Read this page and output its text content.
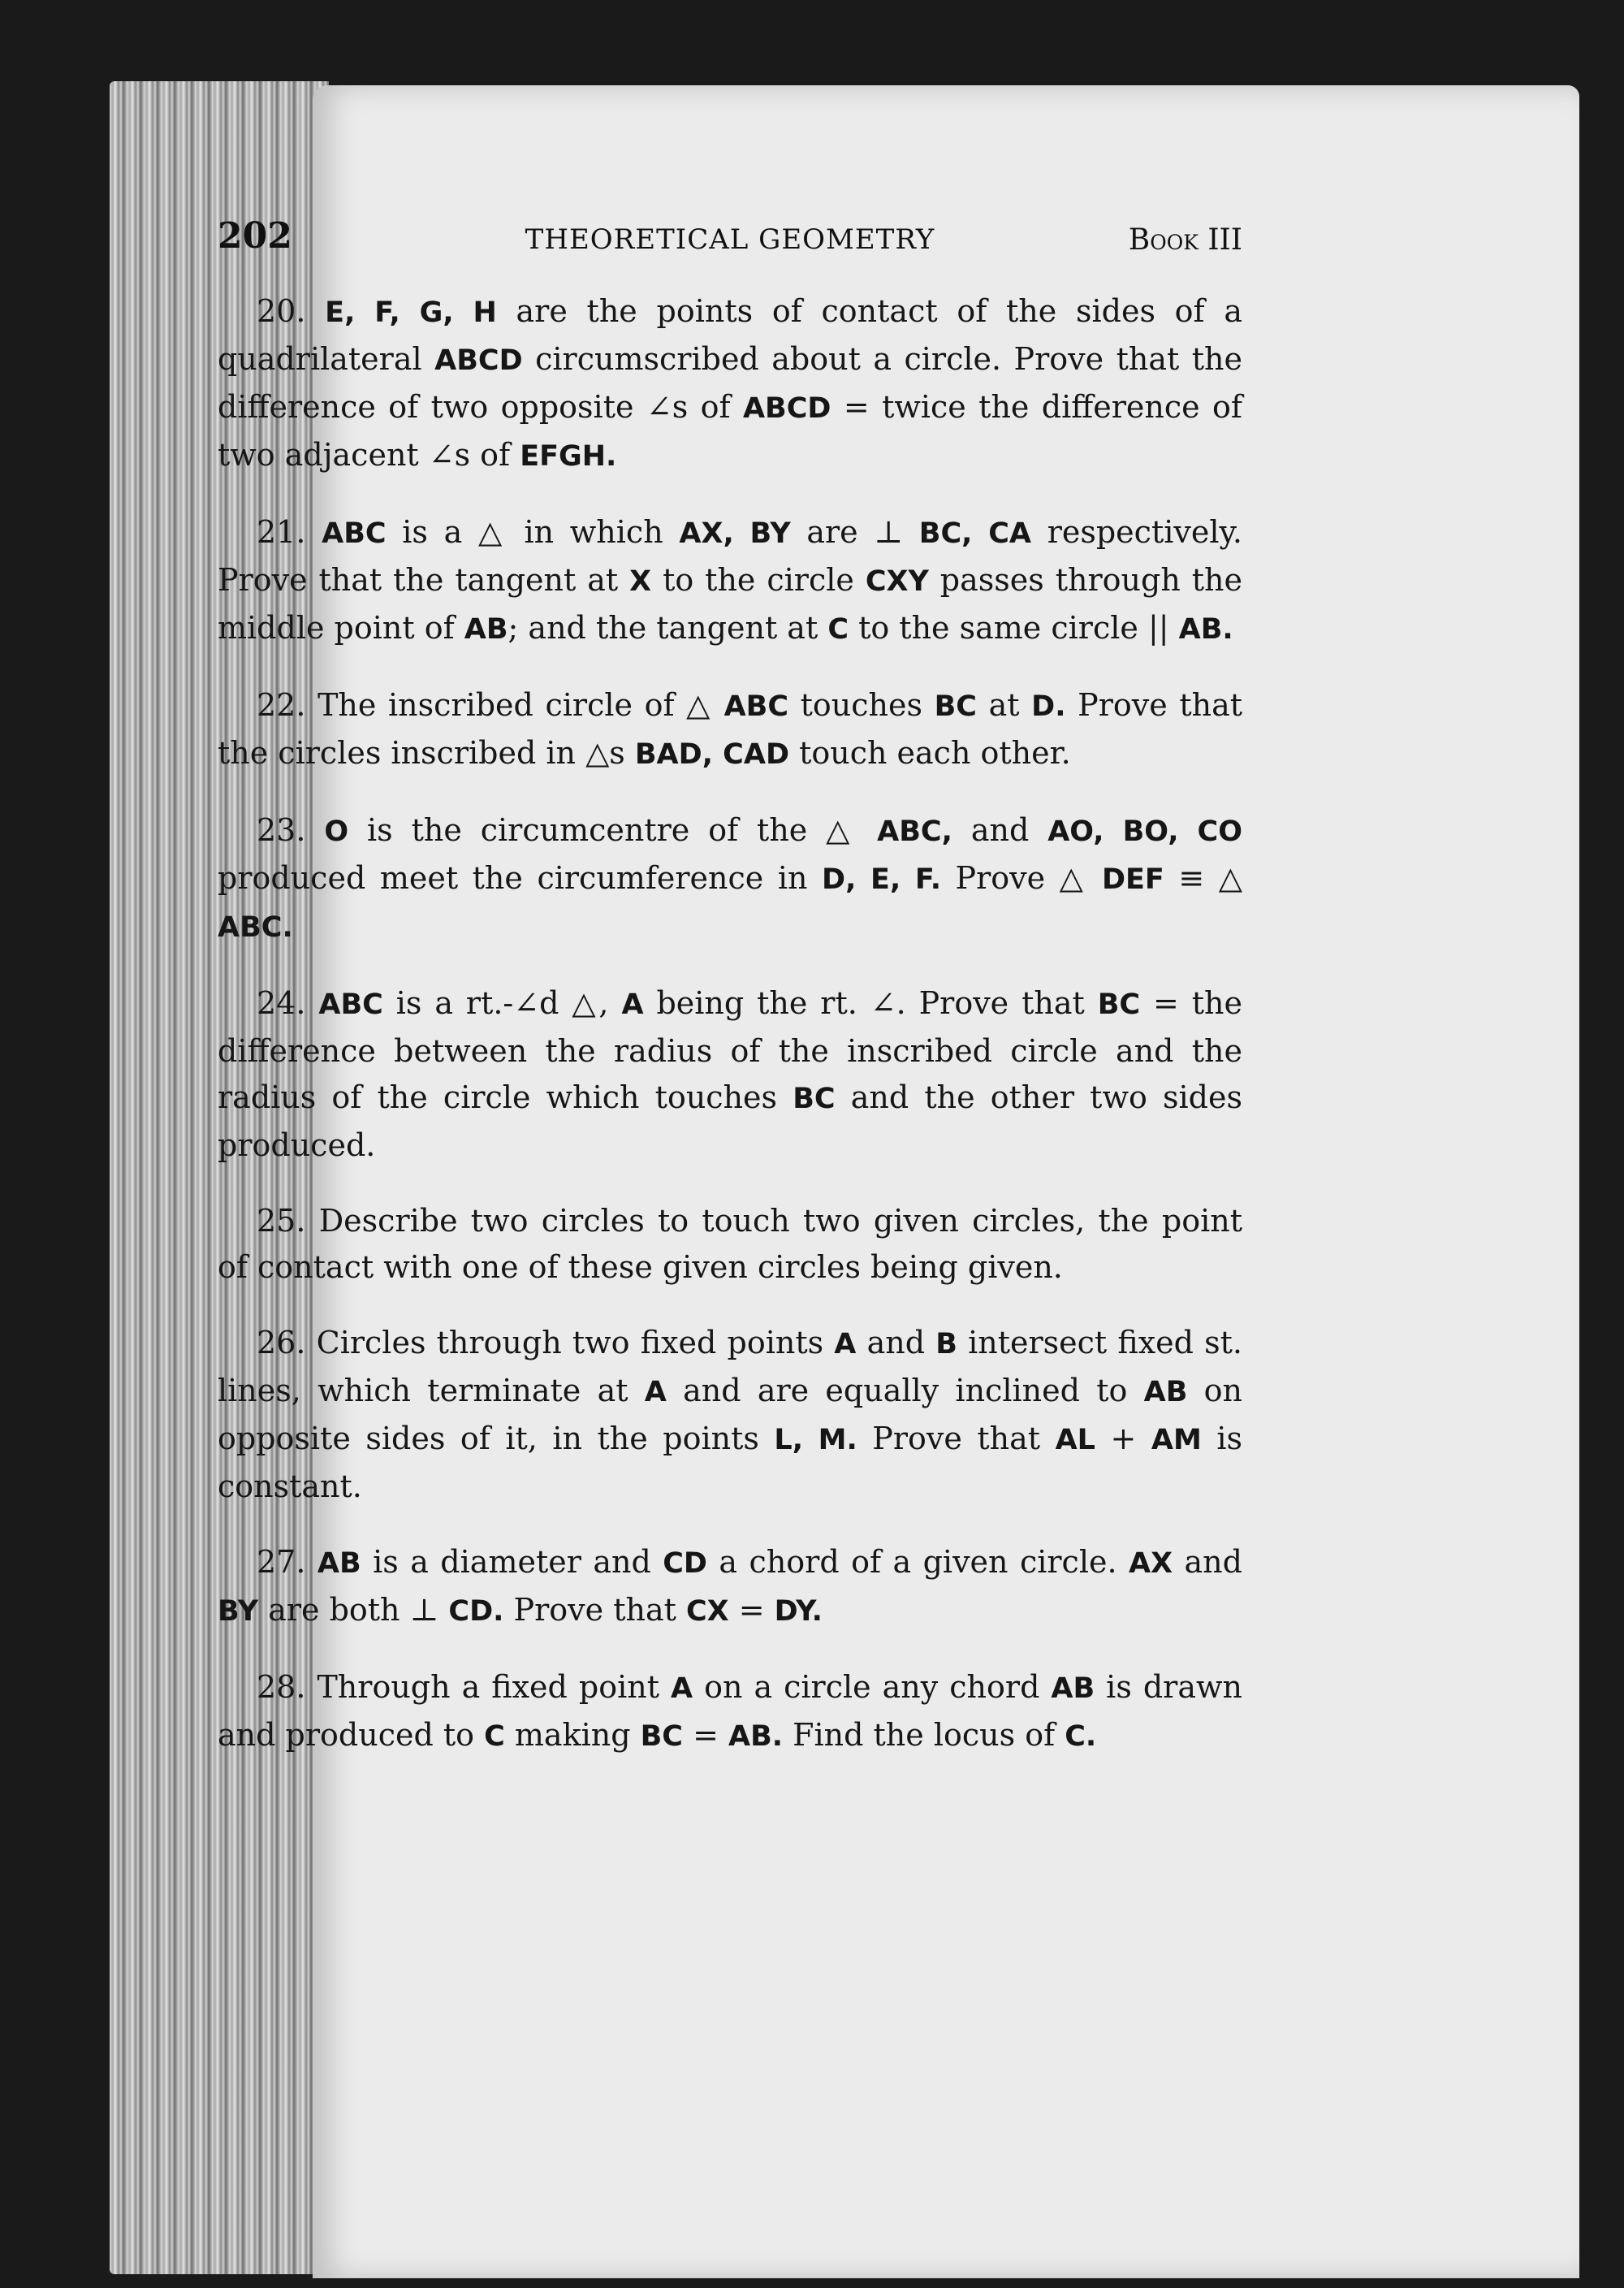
202	THEORETICAL GEOMETRY	Book III

20. E, F, G, H are the points of contact of the sides of a quadrilateral ABCD circumscribed about a circle. Prove that the difference of two opposite ∠s of ABCD = twice the difference of two adjacent ∠s of EFGH.

21. ABC is a △ in which AX, BY are ⊥ BC, CA respectively. Prove that the tangent at X to the circle CXY passes through the middle point of AB; and the tangent at C to the same circle || AB.

22. The inscribed circle of △ ABC touches BC at D. Prove that the circles inscribed in △s BAD, CAD touch each other.

23. O is the circumcentre of the △ ABC, and AO, BO, CO produced meet the circumference in D, E, F. Prove △ DEF ≡ △ ABC.

24. ABC is a rt.-∠d △, A being the rt. ∠. Prove that BC = the difference between the radius of the inscribed circle and the radius of the circle which touches BC and the other two sides produced.

25. Describe two circles to touch two given circles, the point of contact with one of these given circles being given.

26. Circles through two fixed points A and B intersect fixed st. lines, which terminate at A and are equally inclined to AB on opposite sides of it, in the points L, M. Prove that AL + AM is constant.

27. AB is a diameter and CD a chord of a given circle. AX and BY are both ⊥ CD. Prove that CX = DY.

28. Through a fixed point A on a circle any chord AB is drawn and produced to C making BC = AB. Find the locus of C.
